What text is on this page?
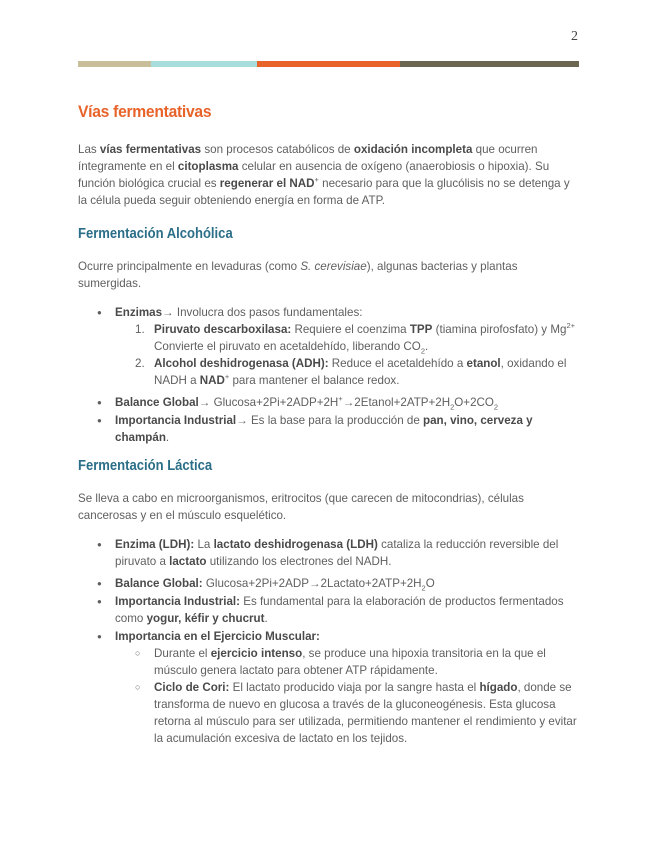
2
Vías fermentativas

Las vías fermentativas son procesos catabólicos de oxidación incompleta que ocurren íntegramente en el citoplasma celular en ausencia de oxígeno (anaerobiosis o hipoxia). Su función biológica crucial es regenerar el NAD+ necesario para que la glucólisis no se detenga y la célula pueda seguir obteniendo energía en forma de ATP.

Fermentación Alcohólica

Ocurre principalmente en levaduras (como S. cerevisiae), algunas bacterias y plantas sumergidas.

● Enzimas→ Involucra dos pasos fundamentales:
1. Piruvato descarboxilasa: Requiere el coenzima TPP (tiamina pirofosfato) y $Mg^{2+}$ Convierte el piruvato en acetaldehído, liberando $CO_2$.
2. Alcohol deshidrogenasa (ADH): Reduce el acetaldehído a etanol, oxidando el NADH a NAD+ para mantener el balance redox.
● Balance Global→ $Glucosa+2Pi+2ADP+2H^+\to 2Etanol+2ATP+2H_2O+2CO_2$
● Importancia Industrial→ Es la base para la producción de pan, vino, cerveza y champán.
Fermentación Láctica

Se lleva a cabo en microorganismos, eritrocitos (que carecen de mitocondrias), células cancerosas y en el músculo esquelético.

● Enzima (LDH): La lactato deshidrogenasa (LDH) cataliza la reducción reversible del piruvato a lactato utilizando los electrones del NADH.
● Balance Global: $Glucosa+2Pi+2ADP\to 2Lactato+2ATP+2H_2O$
● Importancia Industrial: Es fundamental para la elaboración de productos fermentados como yogur, kéfir y chucrut.
● Importancia en el Ejercicio Muscular:
○ Durante el ejercicio intenso, se produce una hipoxia transitoria en la que el músculo genera lactato para obtener ATP rápidamente.
○ Ciclo de Cori: El lactato producido viaja por la sangre hasta el hígado, donde se transforma de nuevo en glucosa a través de la gluconeogénesis. Esta glucosa retorna al músculo para ser utilizada, permitiendo mantener el rendimiento y evitar la acumulación excesiva de lactato en los tejidos.
